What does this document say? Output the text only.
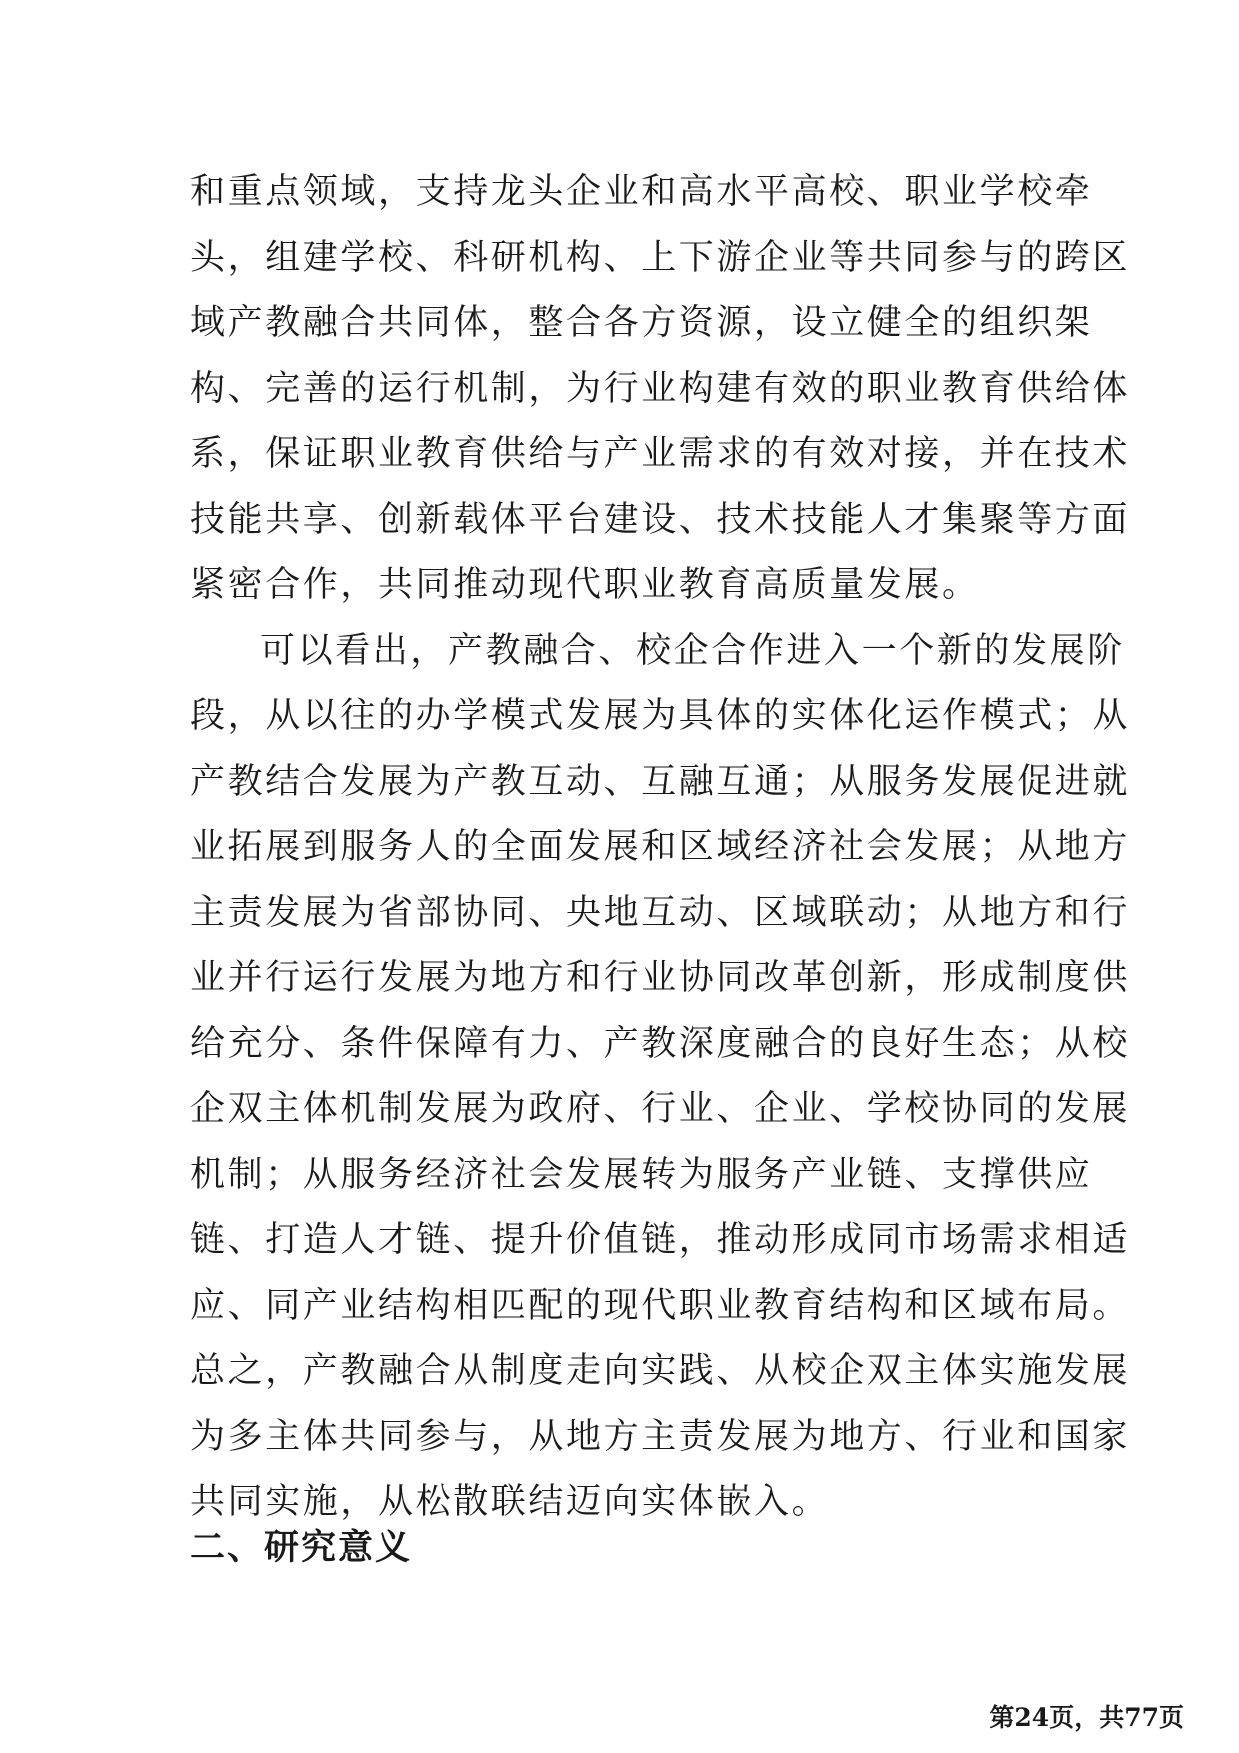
和重点领域，支持龙头企业和高水平高校、职业学校牵
头，组建学校、科研机构、上下游企业等共同参与的跨区
域产教融合共同体，整合各方资源，设立健全的组织架
构、完善的运行机制，为行业构建有效的职业教育供给体
系，保证职业教育供给与产业需求的有效对接，并在技术
技能共享、创新载体平台建设、技术技能人才集聚等方面
紧密合作，共同推动现代职业教育高质量发展。
可以看出，产教融合、校企合作进入一个新的发展阶
段，从以往的办学模式发展为具体的实体化运作模式；从
产教结合发展为产教互动、互融互通；从服务发展促进就
业拓展到服务人的全面发展和区域经济社会发展；从地方
主责发展为省部协同、央地互动、区域联动；从地方和行
业并行运行发展为地方和行业协同改革创新，形成制度供
给充分、条件保障有力、产教深度融合的良好生态；从校
企双主体机制发展为政府、行业、企业、学校协同的发展
机制；从服务经济社会发展转为服务产业链、支撑供应
链、打造人才链、提升价值链，推动形成同市场需求相适
应、同产业结构相匹配的现代职业教育结构和区域布局。
总之，产教融合从制度走向实践、从校企双主体实施发展
为多主体共同参与，从地方主责发展为地方、行业和国家
共同实施，从松散联结迈向实体嵌入。
二、研究意义
第24页，共77页
